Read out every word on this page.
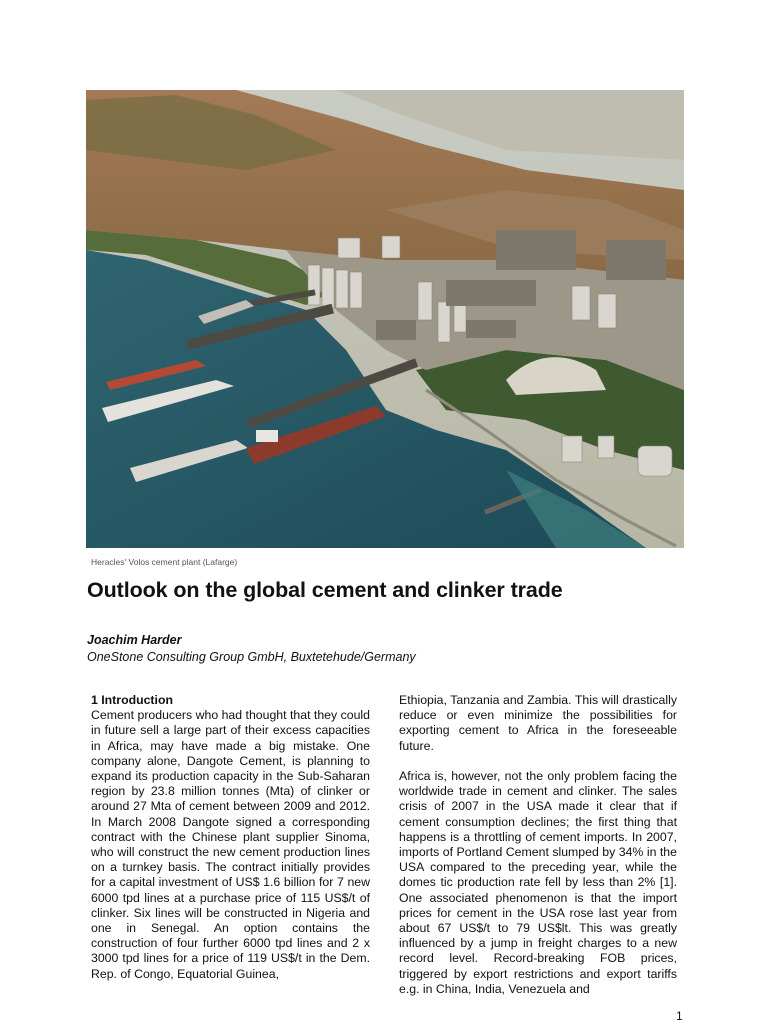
Heracles' Volos cement plant (Lafarge)
Outlook on the global cement and clinker trade
Joachim Harder
OneStone Consulting Group GmbH, Buxtetehude/Germany

1 Introduction

Cement producers who had thought that they could in future sell a large part of their excess capacities in Africa, may have made a big mistake. One company alone, Dangote Cement, is planning to expand its production capacity in the Sub-Saharan region by 23.8 million tonnes (Mta) of clinker or around 27 Mta of cement between 2009 and 2012. In March 2008 Dangote signed a corresponding contract with the Chinese plant supplier Sinoma, who will construct the new cement production lines on a turnkey basis. The contract initially provides for a capital investment of US$ 1.6 billion for 7 new 6000 tpd lines at a purchase price of 115 US$/t of clinker. Six lines will be constructed in Nigeria and one in Senegal. An option contains the construction of four further 6000 tpd lines and 2 x 3000 tpd lines for a price of 119 US$/t in the Dem. Rep. of Congo, Equatorial Guinea,

Ethiopia, Tanzania and Zambia. This will drastically reduce or even minimize the possibilities for exporting cement to Africa in the foreseeable future.

Africa is, however, not the only problem facing the worldwide trade in cement and clinker. The sales crisis of 2007 in the USA made it clear that if cement consumption declines; the first thing that happens is a throttling of cement imports. In 2007, imports of Portland Cement slumped by 34% in the USA compared to the preceding year, while the domes tic production rate fell by less than 2% [1]. One associated phenomenon is that the import prices for cement in the USA rose last year from about 67 US$/t to 79 US$lt. This was greatly influenced by a jump in freight charges to a new record level. Record-breaking FOB prices, triggered by export restrictions and export tariffs e.g. in China, India, Venezuela and

1
